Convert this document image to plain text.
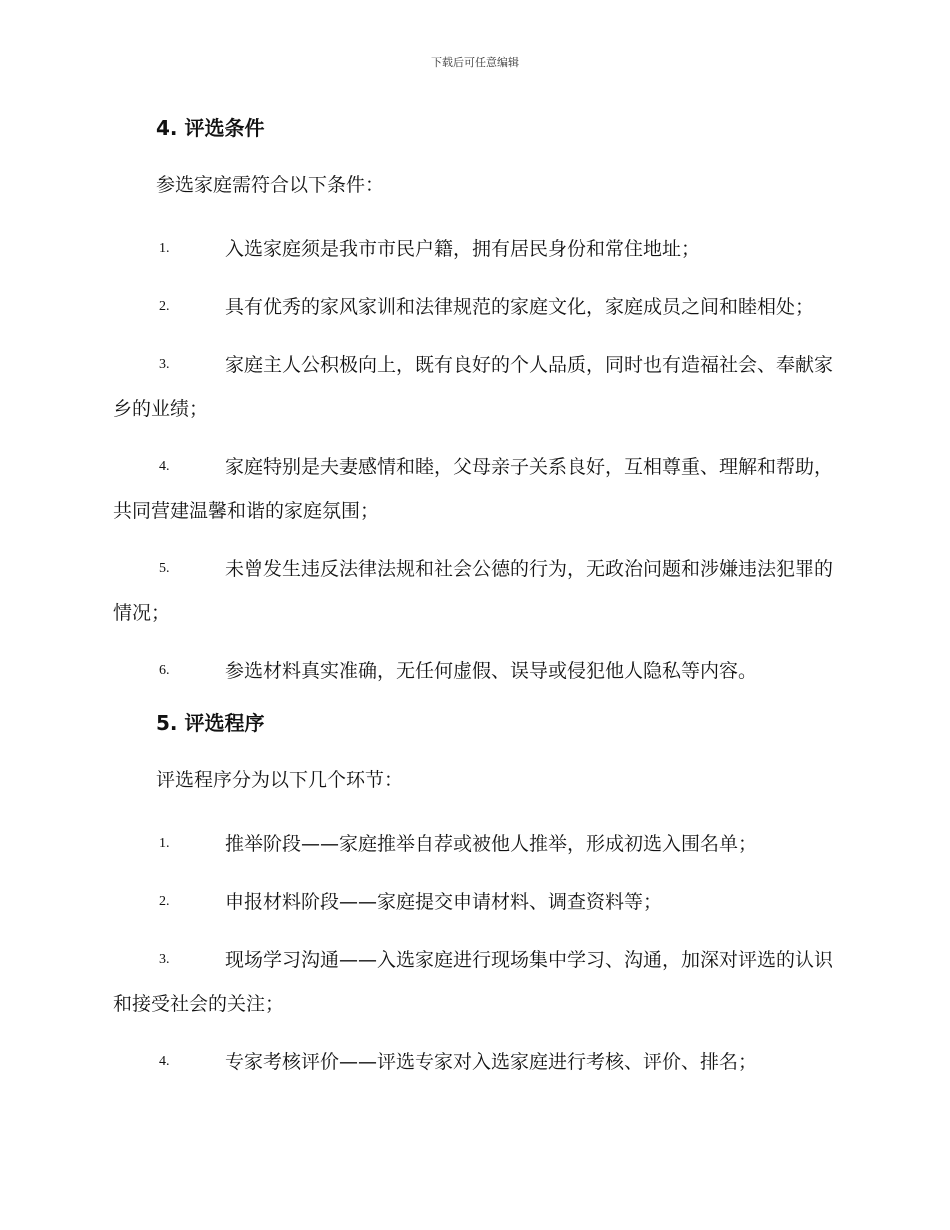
下载后可任意编辑
4. 评选条件
参选家庭需符合以下条件：
1.	入选家庭须是我市市民户籍，拥有居民身份和常住地址；
2.	具有优秀的家风家训和法律规范的家庭文化，家庭成员之间和睦相处；
3.	家庭主人公积极向上，既有良好的个人品质，同时也有造福社会、奉献家乡的业绩；
4.	家庭特别是夫妻感情和睦，父母亲子关系良好，互相尊重、理解和帮助，共同营建温馨和谐的家庭氛围；
5.	未曾发生违反法律法规和社会公德的行为，无政治问题和涉嫌违法犯罪的情况；
6.	参选材料真实准确，无任何虚假、误导或侵犯他人隐私等内容。
5. 评选程序
评选程序分为以下几个环节：
1.	推举阶段——家庭推举自荐或被他人推举，形成初选入围名单；
2.	申报材料阶段——家庭提交申请材料、调查资料等；
3.	现场学习沟通——入选家庭进行现场集中学习、沟通，加深对评选的认识和接受社会的关注；
4.	专家考核评价——评选专家对入选家庭进行考核、评价、排名；
